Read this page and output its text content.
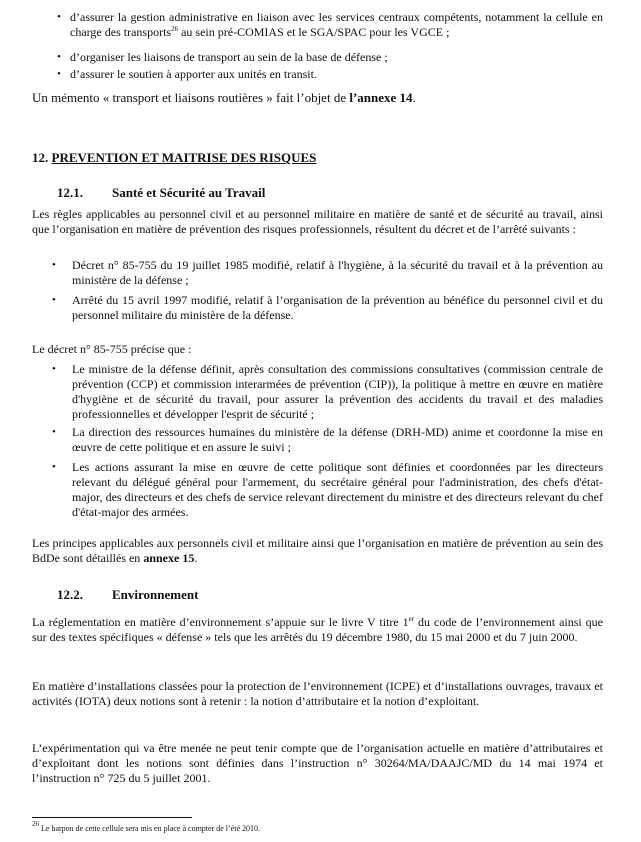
• d’assurer la gestion administrative en liaison avec les services centraux compétents, notamment la cellule en charge des transports$^{26}$ au sein pré-COMIAS et le SGA/SPAC pour les VGCE ;

• d’organiser les liaisons de transport au sein de la base de défense ;

• d’assurer le soutien à apporter aux unités en transit.

Un mémento « transport et liaisons routières » fait l’objet de l’annexe 14.

12. PREVENTION ET MAITRISE DES RISQUES
12.1. Santé et Sécurité au Travail

Les règles applicables au personnel civil et au personnel militaire en matière de santé et de sécurité au travail, ainsi que l’organisation en matière de prévention des risques professionnels, résultent du décret et de l’arrêté suivants :

• Décret n° 85-755 du 19 juillet 1985 modifié, relatif à l'hygiène, à la sécurité du travail et à la prévention au ministère de la défense ;

• Arrêté du 15 avril 1997 modifié, relatif à l’organisation de la prévention au bénéfice du personnel civil et du personnel militaire du ministère de la défense.

Le décret n° 85-755 précise que :

• Le ministre de la défense définit, après consultation des commissions consultatives (commission centrale de prévention (CCP) et commission interarmées de prévention (CIP)), la politique à mettre en œuvre en matière d'hygiène et de sécurité du travail, pour assurer la prévention des accidents du travail et des maladies professionnelles et développer l'esprit de sécurité ;

• La direction des ressources humaines du ministère de la défense (DRH-MD) anime et coordonne la mise en œuvre de cette politique et en assure le suivi ;

• Les actions assurant la mise en œuvre de cette politique sont définies et coordonnées par les directeurs relevant du délégué général pour l'armement, du secrétaire général pour l'administration, des chefs d'état-major, des directeurs et des chefs de service relevant directement du ministre et des directeurs relevant du chef d'état-major des armées.

Les principes applicables aux personnels civil et militaire ainsi que l’organisation en matière de prévention au sein des BdDe sont détaillés en annexe 15.

12.2. Environnement

La réglementation en matière d’environnement s’appuie sur le livre V titre 1er du code de l’environnement ainsi que sur des textes spécifiques « défense » tels que les arrêtés du 19 décembre 1980, du 15 mai 2000 et du 7 juin 2000.

En matière d’installations classées pour la protection de l’environnement (ICPE) et d’installations ouvrages, travaux et activités (IOTA) deux notions sont à retenir : la notion d’attributaire et la notion d’exploitant.

L’expérimentation qui va être menée ne peut tenir compte que de l’organisation actuelle en matière d’attributaires et d’exploitant dont les notions sont définies dans l’instruction n° 30264/MA/DAAJC/MD du 14 mai 1974 et l’instruction n° 725 du 5 juillet 2001.

$^{26}$ Le harpon de cette cellule sera mis en place à compter de l’été 2010.
